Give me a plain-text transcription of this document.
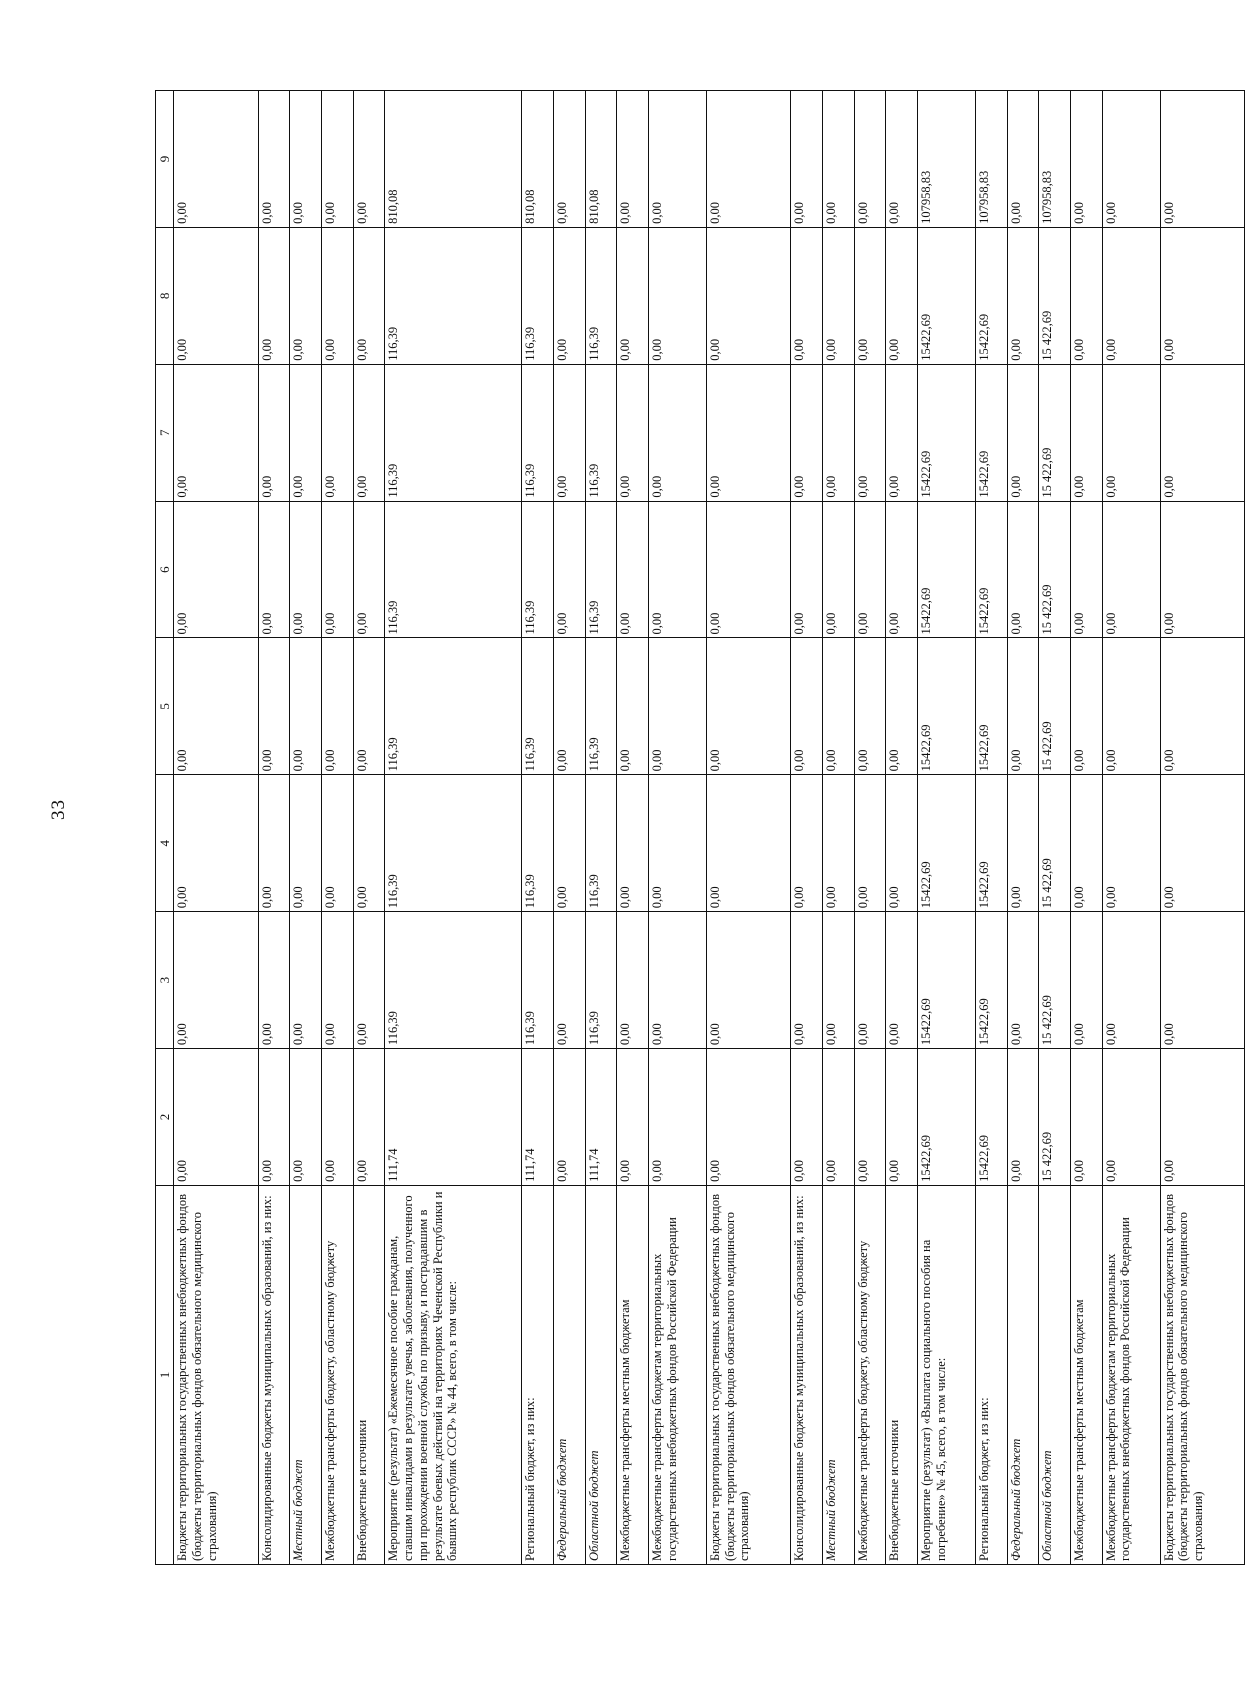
33
1	2	3	4	5	6	7	8	9
Бюджеты территориальных государственных внебюджетных фондов (бюджеты территориальных фондов обязательного медицинского страхования)	0,00	0,00	0,00	0,00	0,00	0,00	0,00	0,00
Консолидированные бюджеты муниципальных образований, из них:	0,00	0,00	0,00	0,00	0,00	0,00	0,00	0,00
Местный бюджет	0,00	0,00	0,00	0,00	0,00	0,00	0,00	0,00
Межбюджетные трансферты бюджету, областному бюджету	0,00	0,00	0,00	0,00	0,00	0,00	0,00	0,00
Внебюджетные источники	0,00	0,00	0,00	0,00	0,00	0,00	0,00	0,00
Мероприятие (результат) «Ежемесячное пособие гражданам, ставшим инвалидами в результате увечья, заболевания, полученного при прохождении военной службы по призыву, и пострадавшим в результате боевых действий на территориях Чеченской Республики и бывших республик СССР» № 44, всего, в том числе:	111,74	116,39	116,39	116,39	116,39	116,39	116,39	810,08
Региональный бюджет, из них:	111,74	116,39	116,39	116,39	116,39	116,39	116,39	810,08
Федеральный бюджет	0,00	0,00	0,00	0,00	0,00	0,00	0,00	0,00
Областной бюджет	111,74	116,39	116,39	116,39	116,39	116,39	116,39	810,08
Межбюджетные трансферты местным бюджетам	0,00	0,00	0,00	0,00	0,00	0,00	0,00	0,00
Межбюджетные трансферты бюджетам территориальных государственных внебюджетных фондов Российской Федерации	0,00	0,00	0,00	0,00	0,00	0,00	0,00	0,00
Бюджеты территориальных государственных внебюджетных фондов (бюджеты территориальных фондов обязательного медицинского страхования)	0,00	0,00	0,00	0,00	0,00	0,00	0,00	0,00
Консолидированные бюджеты муниципальных образований, из них:	0,00	0,00	0,00	0,00	0,00	0,00	0,00	0,00
Местный бюджет	0,00	0,00	0,00	0,00	0,00	0,00	0,00	0,00
Межбюджетные трансферты бюджету, областному бюджету	0,00	0,00	0,00	0,00	0,00	0,00	0,00	0,00
Внебюджетные источники	0,00	0,00	0,00	0,00	0,00	0,00	0,00	0,00
Мероприятие (результат) «Выплата социального пособия на погребение» № 45, всего, в том числе:	15422,69	15422,69	15422,69	15422,69	15422,69	15422,69	15422,69	107958,83
Региональный бюджет, из них:	15422,69	15422,69	15422,69	15422,69	15422,69	15422,69	15422,69	107958,83
Федеральный бюджет	0,00	0,00	0,00	0,00	0,00	0,00	0,00	0,00
Областной бюджет	15 422,69	15 422,69	15 422,69	15 422,69	15 422,69	15 422,69	15 422,69	107958,83
Межбюджетные трансферты местным бюджетам	0,00	0,00	0,00	0,00	0,00	0,00	0,00	0,00
Межбюджетные трансферты бюджетам территориальных государственных внебюджетных фондов Российской Федерации	0,00	0,00	0,00	0,00	0,00	0,00	0,00	0,00
Бюджеты территориальных государственных внебюджетных фондов (бюджеты территориальных фондов обязательного медицинского страхования)	0,00	0,00	0,00	0,00	0,00	0,00	0,00	0,00
